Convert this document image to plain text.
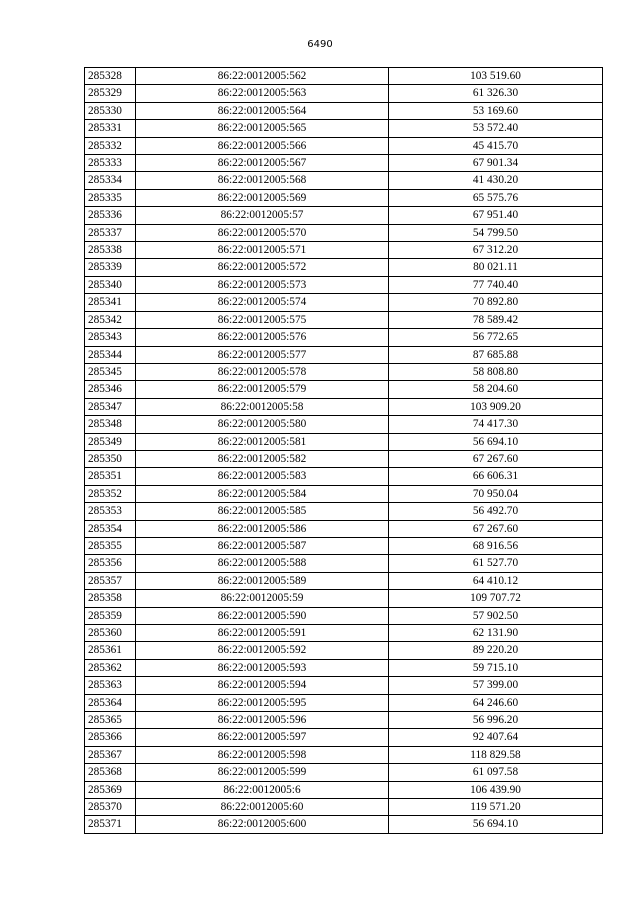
6490
285328	86:22:0012005:562	103 519.60
285329	86:22:0012005:563	61 326.30
285330	86:22:0012005:564	53 169.60
285331	86:22:0012005:565	53 572.40
285332	86:22:0012005:566	45 415.70
285333	86:22:0012005:567	67 901.34
285334	86:22:0012005:568	41 430.20
285335	86:22:0012005:569	65 575.76
285336	86:22:0012005:57	67 951.40
285337	86:22:0012005:570	54 799.50
285338	86:22:0012005:571	67 312.20
285339	86:22:0012005:572	80 021.11
285340	86:22:0012005:573	77 740.40
285341	86:22:0012005:574	70 892.80
285342	86:22:0012005:575	78 589.42
285343	86:22:0012005:576	56 772.65
285344	86:22:0012005:577	87 685.88
285345	86:22:0012005:578	58 808.80
285346	86:22:0012005:579	58 204.60
285347	86:22:0012005:58	103 909.20
285348	86:22:0012005:580	74 417.30
285349	86:22:0012005:581	56 694.10
285350	86:22:0012005:582	67 267.60
285351	86:22:0012005:583	66 606.31
285352	86:22:0012005:584	70 950.04
285353	86:22:0012005:585	56 492.70
285354	86:22:0012005:586	67 267.60
285355	86:22:0012005:587	68 916.56
285356	86:22:0012005:588	61 527.70
285357	86:22:0012005:589	64 410.12
285358	86:22:0012005:59	109 707.72
285359	86:22:0012005:590	57 902.50
285360	86:22:0012005:591	62 131.90
285361	86:22:0012005:592	89 220.20
285362	86:22:0012005:593	59 715.10
285363	86:22:0012005:594	57 399.00
285364	86:22:0012005:595	64 246.60
285365	86:22:0012005:596	56 996.20
285366	86:22:0012005:597	92 407.64
285367	86:22:0012005:598	118 829.58
285368	86:22:0012005:599	61 097.58
285369	86:22:0012005:6	106 439.90
285370	86:22:0012005:60	119 571.20
285371	86:22:0012005:600	56 694.10
